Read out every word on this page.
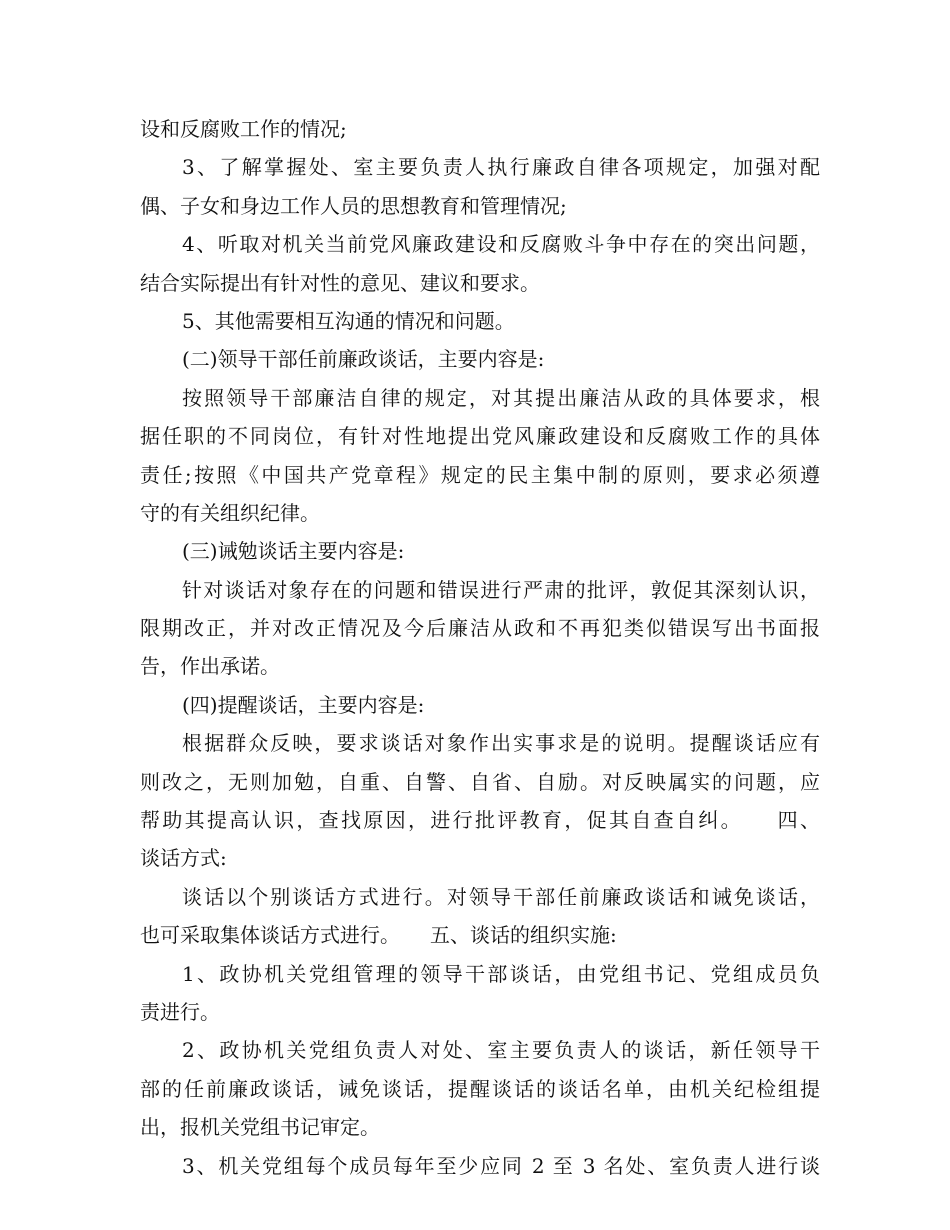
设和反腐败工作的情况;
3、了解掌握处、室主要负责人执行廉政自律各项规定，加强对配
偶、子女和身边工作人员的思想教育和管理情况;
4、听取对机关当前党风廉政建设和反腐败斗争中存在的突出问题，
结合实际提出有针对性的意见、建议和要求。
5、其他需要相互沟通的情况和问题。
(二)领导干部任前廉政谈话，主要内容是:
按照领导干部廉洁自律的规定，对其提出廉洁从政的具体要求，根
据任职的不同岗位，有针对性地提出党风廉政建设和反腐败工作的具体
责任;按照《中国共产党章程》规定的民主集中制的原则，要求必须遵
守的有关组织纪律。
(三)诫勉谈话主要内容是:
针对谈话对象存在的问题和错误进行严肃的批评，敦促其深刻认识，
限期改正，并对改正情况及今后廉洁从政和不再犯类似错误写出书面报
告，作出承诺。
(四)提醒谈话，主要内容是:
根据群众反映，要求谈话对象作出实事求是的说明。提醒谈话应有
则改之，无则加勉，自重、自警、自省、自励。对反映属实的问题，应
帮助其提高认识，查找原因，进行批评教育，促其自查自纠。　　四、
谈话方式:
谈话以个别谈话方式进行。对领导干部任前廉政谈话和诫免谈话，
也可采取集体谈话方式进行。　　五、谈话的组织实施:
1、政协机关党组管理的领导干部谈话，由党组书记、党组成员负
责进行。
2、政协机关党组负责人对处、室主要负责人的谈话，新任领导干
部的任前廉政谈话，诫免谈话，提醒谈话的谈话名单，由机关纪检组提
出，报机关党组书记审定。
3、机关党组每个成员每年至少应同 2 至 3 名处、室负责人进行谈
